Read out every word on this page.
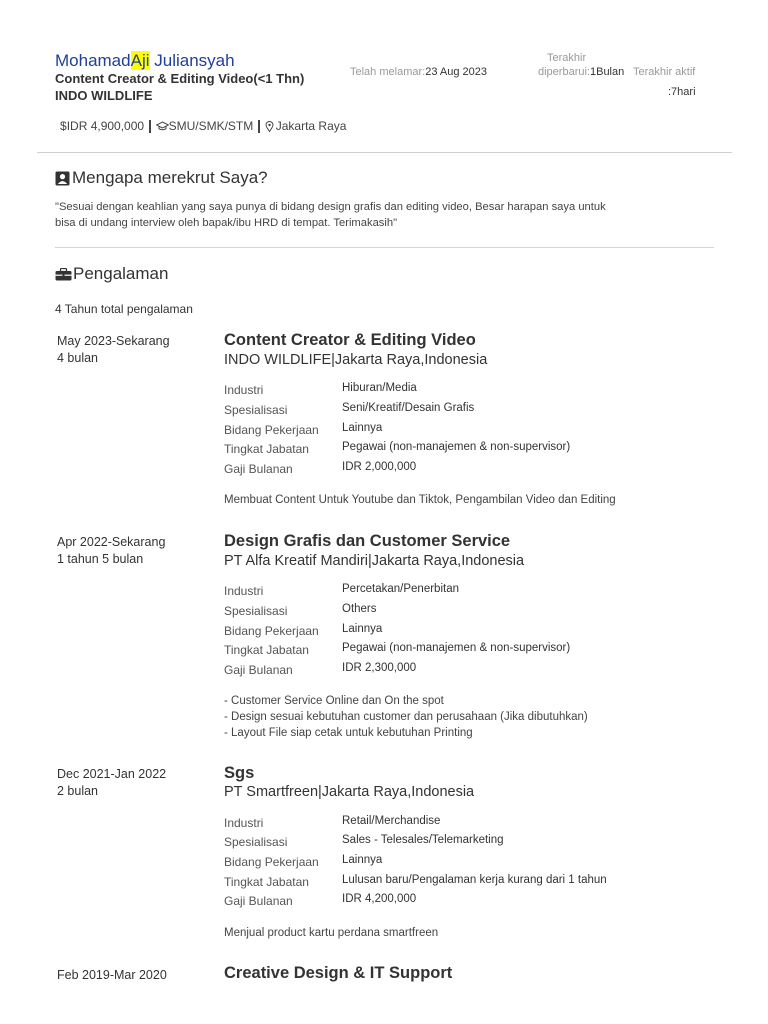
MohamadAji Juliansyah
Content Creator & Editing Video(<1 Thn)
INDO WILDLIFE
Telah melamar:23 Aug 2023
Terakhir
diperbarui:1Bulan Terakhir aktif
:7hari
$ IDR 4,900,000 SMU/SMK/STM Jakarta Raya
Mengapa merekrut Saya?
"Sesuai dengan keahlian yang saya punya di bidang design grafis dan editing video, Besar harapan saya untuk
bisa di undang interview oleh bapak/ibu HRD di tempat. Terimakasih"
Pengalaman
4 Tahun total pengalaman
May 2023-Sekarang
4 bulan
Content Creator & Editing Video
INDO WILDLIFE|Jakarta Raya,Indonesia
Industri	Hiburan/Media
Spesialisasi	Seni/Kreatif/Desain Grafis
Bidang Pekerjaan Lainnya
Tingkat Jabatan	Pegawai (non-manajemen & non-supervisor)
Gaji Bulanan	IDR 2,000,000
Membuat Content Untuk Youtube dan Tiktok, Pengambilan Video dan Editing
Apr 2022-Sekarang
1 tahun 5 bulan
Design Grafis dan Customer Service
PT Alfa Kreatif Mandiri|Jakarta Raya,Indonesia
Industri	Percetakan/Penerbitan
Spesialisasi	Others
Bidang Pekerjaan Lainnya
Tingkat Jabatan	Pegawai (non-manajemen & non-supervisor)
Gaji Bulanan	IDR 2,300,000
- Customer Service Online dan On the spot
- Design sesuai kebutuhan customer dan perusahaan (Jika dibutuhkan)
- Layout File siap cetak untuk kebutuhan Printing
Dec 2021-Jan 2022
2 bulan
Sgs
PT Smartfreen|Jakarta Raya,Indonesia
Industri	Retail/Merchandise
Spesialisasi	Sales - Telesales/Telemarketing
Bidang Pekerjaan Lainnya
Tingkat Jabatan	Lulusan baru/Pengalaman kerja kurang dari 1 tahun
Gaji Bulanan	IDR 4,200,000
Menjual product kartu perdana smartfreen
Feb 2019-Mar 2020	Creative Design & IT Support
